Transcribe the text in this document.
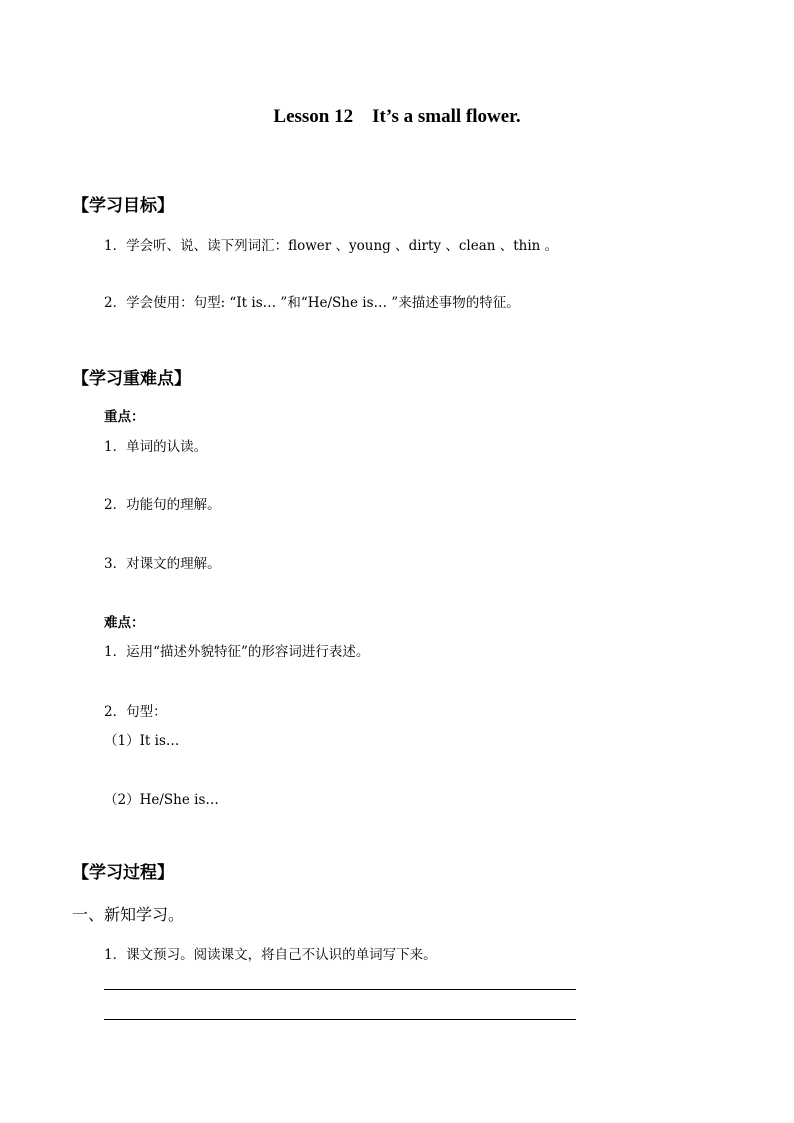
Lesson 12    It’s a small flower.
【学习目标】
1．学会听、说、读下列词汇：flower 、young 、dirty 、clean 、thin 。
2．学会使用：句型: “It is… ”和“He/She is… ”来描述事物的特征。
【学习重难点】
重点：
1．单词的认读。
2．功能句的理解。
3．对课文的理解。
难点：
1．运用“描述外貌特征”的形容词进行表述。
2．句型：
（1）It is…
（2）He/She is…
【学习过程】
一、新知学习。
1．课文预习。阅读课文，将自己不认识的单词写下来。
